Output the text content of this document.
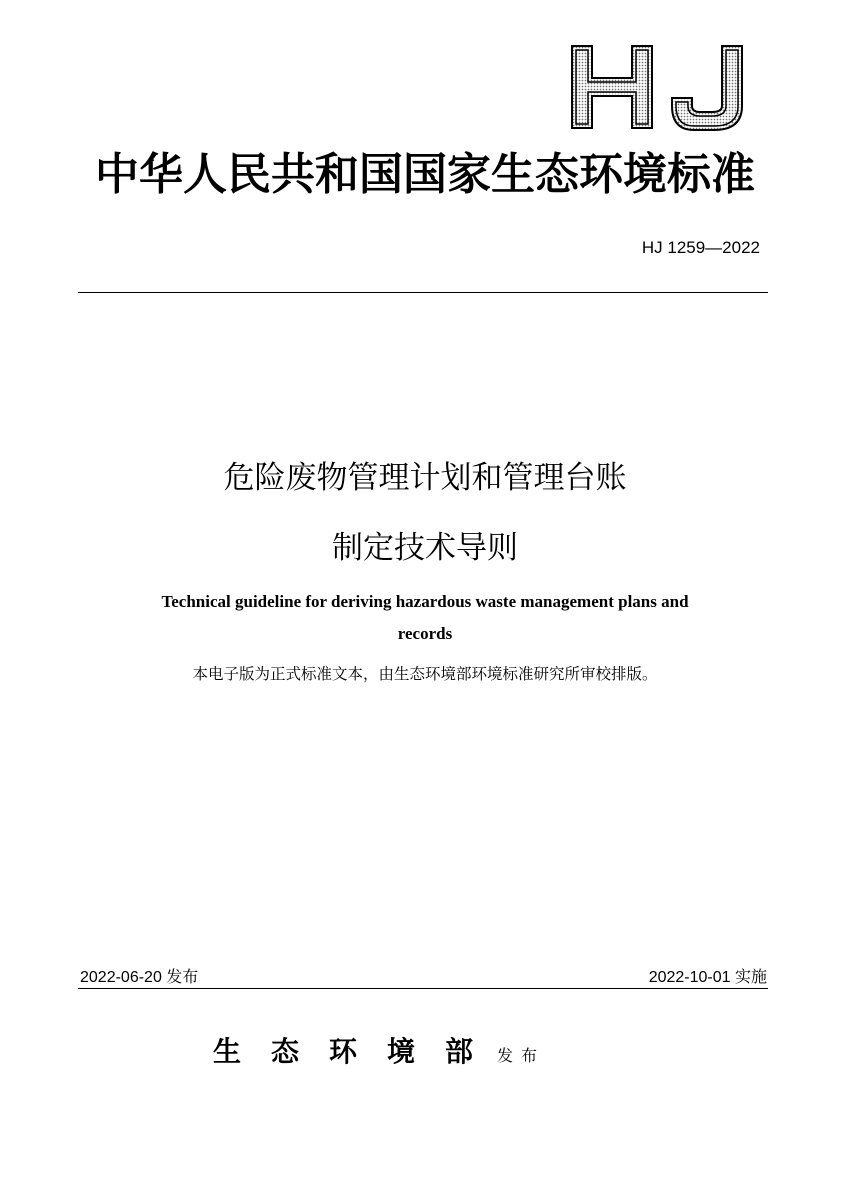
中华人民共和国国家生态环境标准
HJ 1259—2022
危险废物管理计划和管理台账
制定技术导则
Technical guideline for deriving hazardous waste management plans and
records
本电子版为正式标准文本，由生态环境部环境标准研究所审校排版。
2022-06-20 发布	2022-10-01 实施
生态环境部
发布
